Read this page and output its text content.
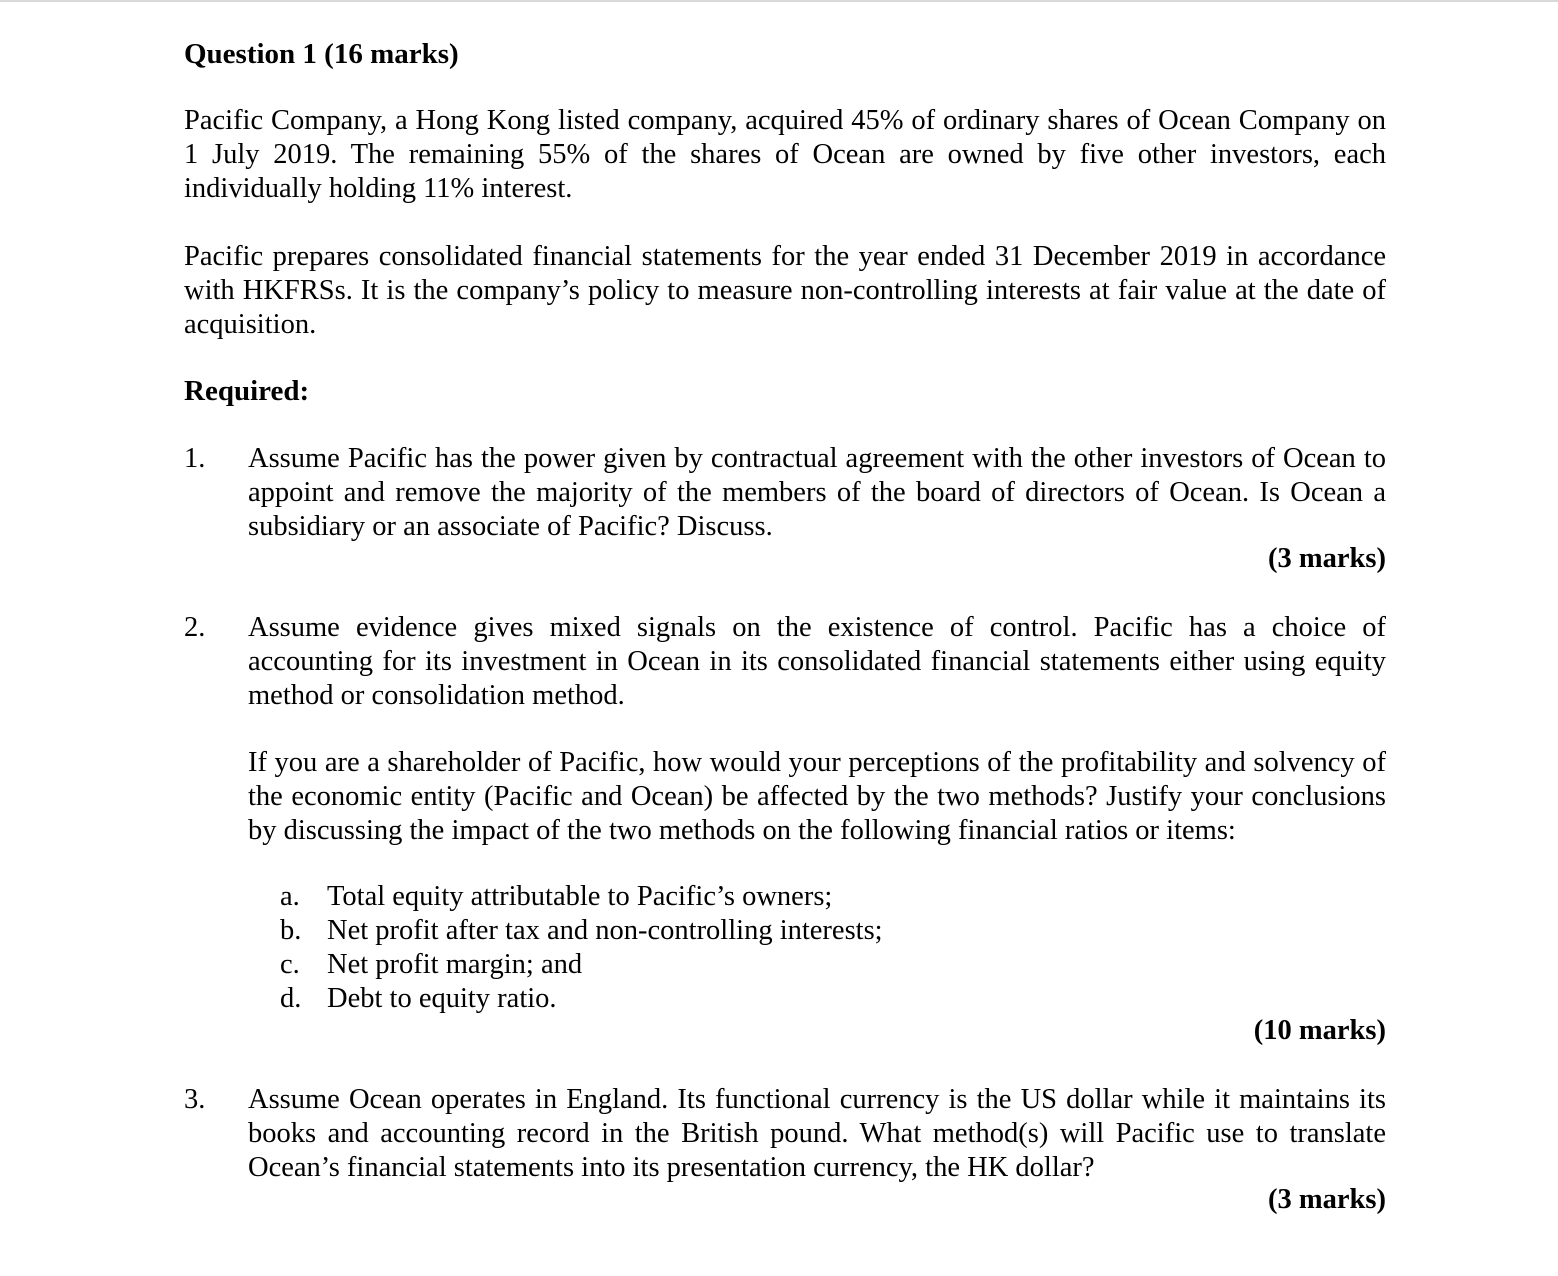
Question 1 (16 marks)
Pacific Company, a Hong Kong listed company, acquired 45% of ordinary shares of Ocean Company on 1 July 2019. The remaining 55% of the shares of Ocean are owned by five other investors, each individually holding 11% interest.
Pacific prepares consolidated financial statements for the year ended 31 December 2019 in accordance with HKFRSs. It is the company’s policy to measure non-controlling interests at fair value at the date of acquisition.
Required:
1. Assume Pacific has the power given by contractual agreement with the other investors of Ocean to appoint and remove the majority of the members of the board of directors of Ocean. Is Ocean a subsidiary or an associate of Pacific? Discuss.
(3 marks)
2. Assume evidence gives mixed signals on the existence of control. Pacific has a choice of accounting for its investment in Ocean in its consolidated financial statements either using equity method or consolidation method.
If you are a shareholder of Pacific, how would your perceptions of the profitability and solvency of the economic entity (Pacific and Ocean) be affected by the two methods? Justify your conclusions by discussing the impact of the two methods on the following financial ratios or items:
a. Total equity attributable to Pacific’s owners;
b. Net profit after tax and non-controlling interests;
c. Net profit margin; and
d. Debt to equity ratio.
(10 marks)
3. Assume Ocean operates in England. Its functional currency is the US dollar while it maintains its books and accounting record in the British pound. What method(s) will Pacific use to translate Ocean’s financial statements into its presentation currency, the HK dollar?
(3 marks)
